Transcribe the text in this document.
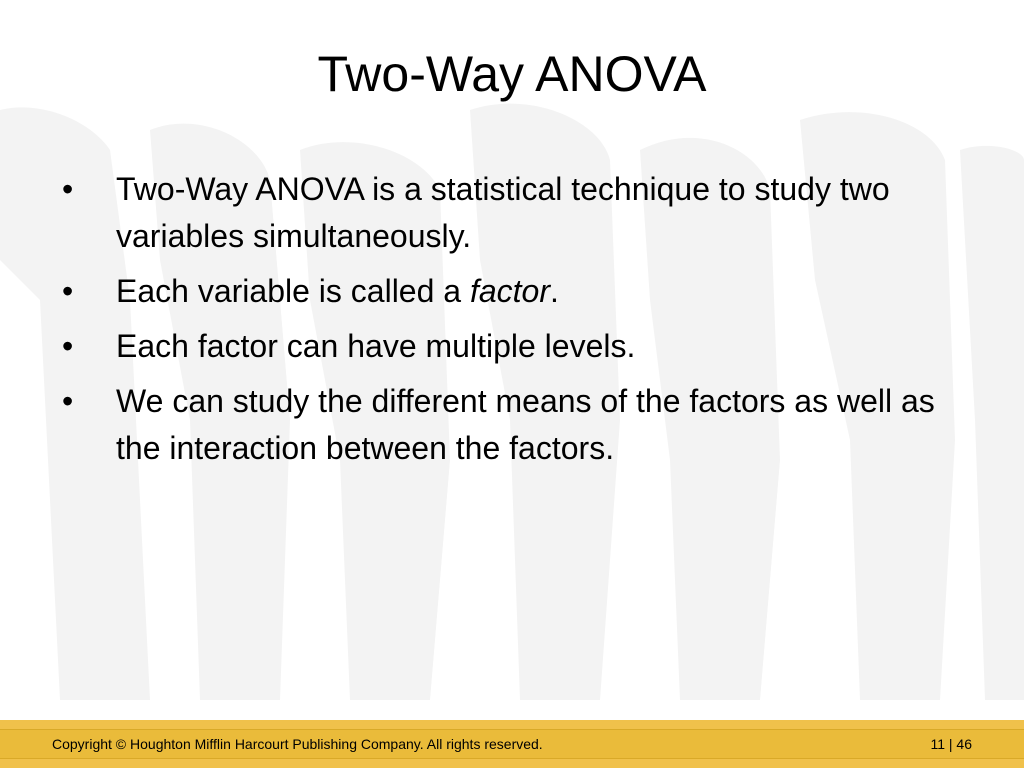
Two-Way ANOVA
• Two-Way ANOVA is a statistical technique to study two variables simultaneously.
• Each variable is called a factor.
• Each factor can have multiple levels.
• We can study the different means of the factors as well as the interaction between the factors.
Copyright © Houghton Mifflin Harcourt Publishing Company. All rights reserved.	11 | 46
